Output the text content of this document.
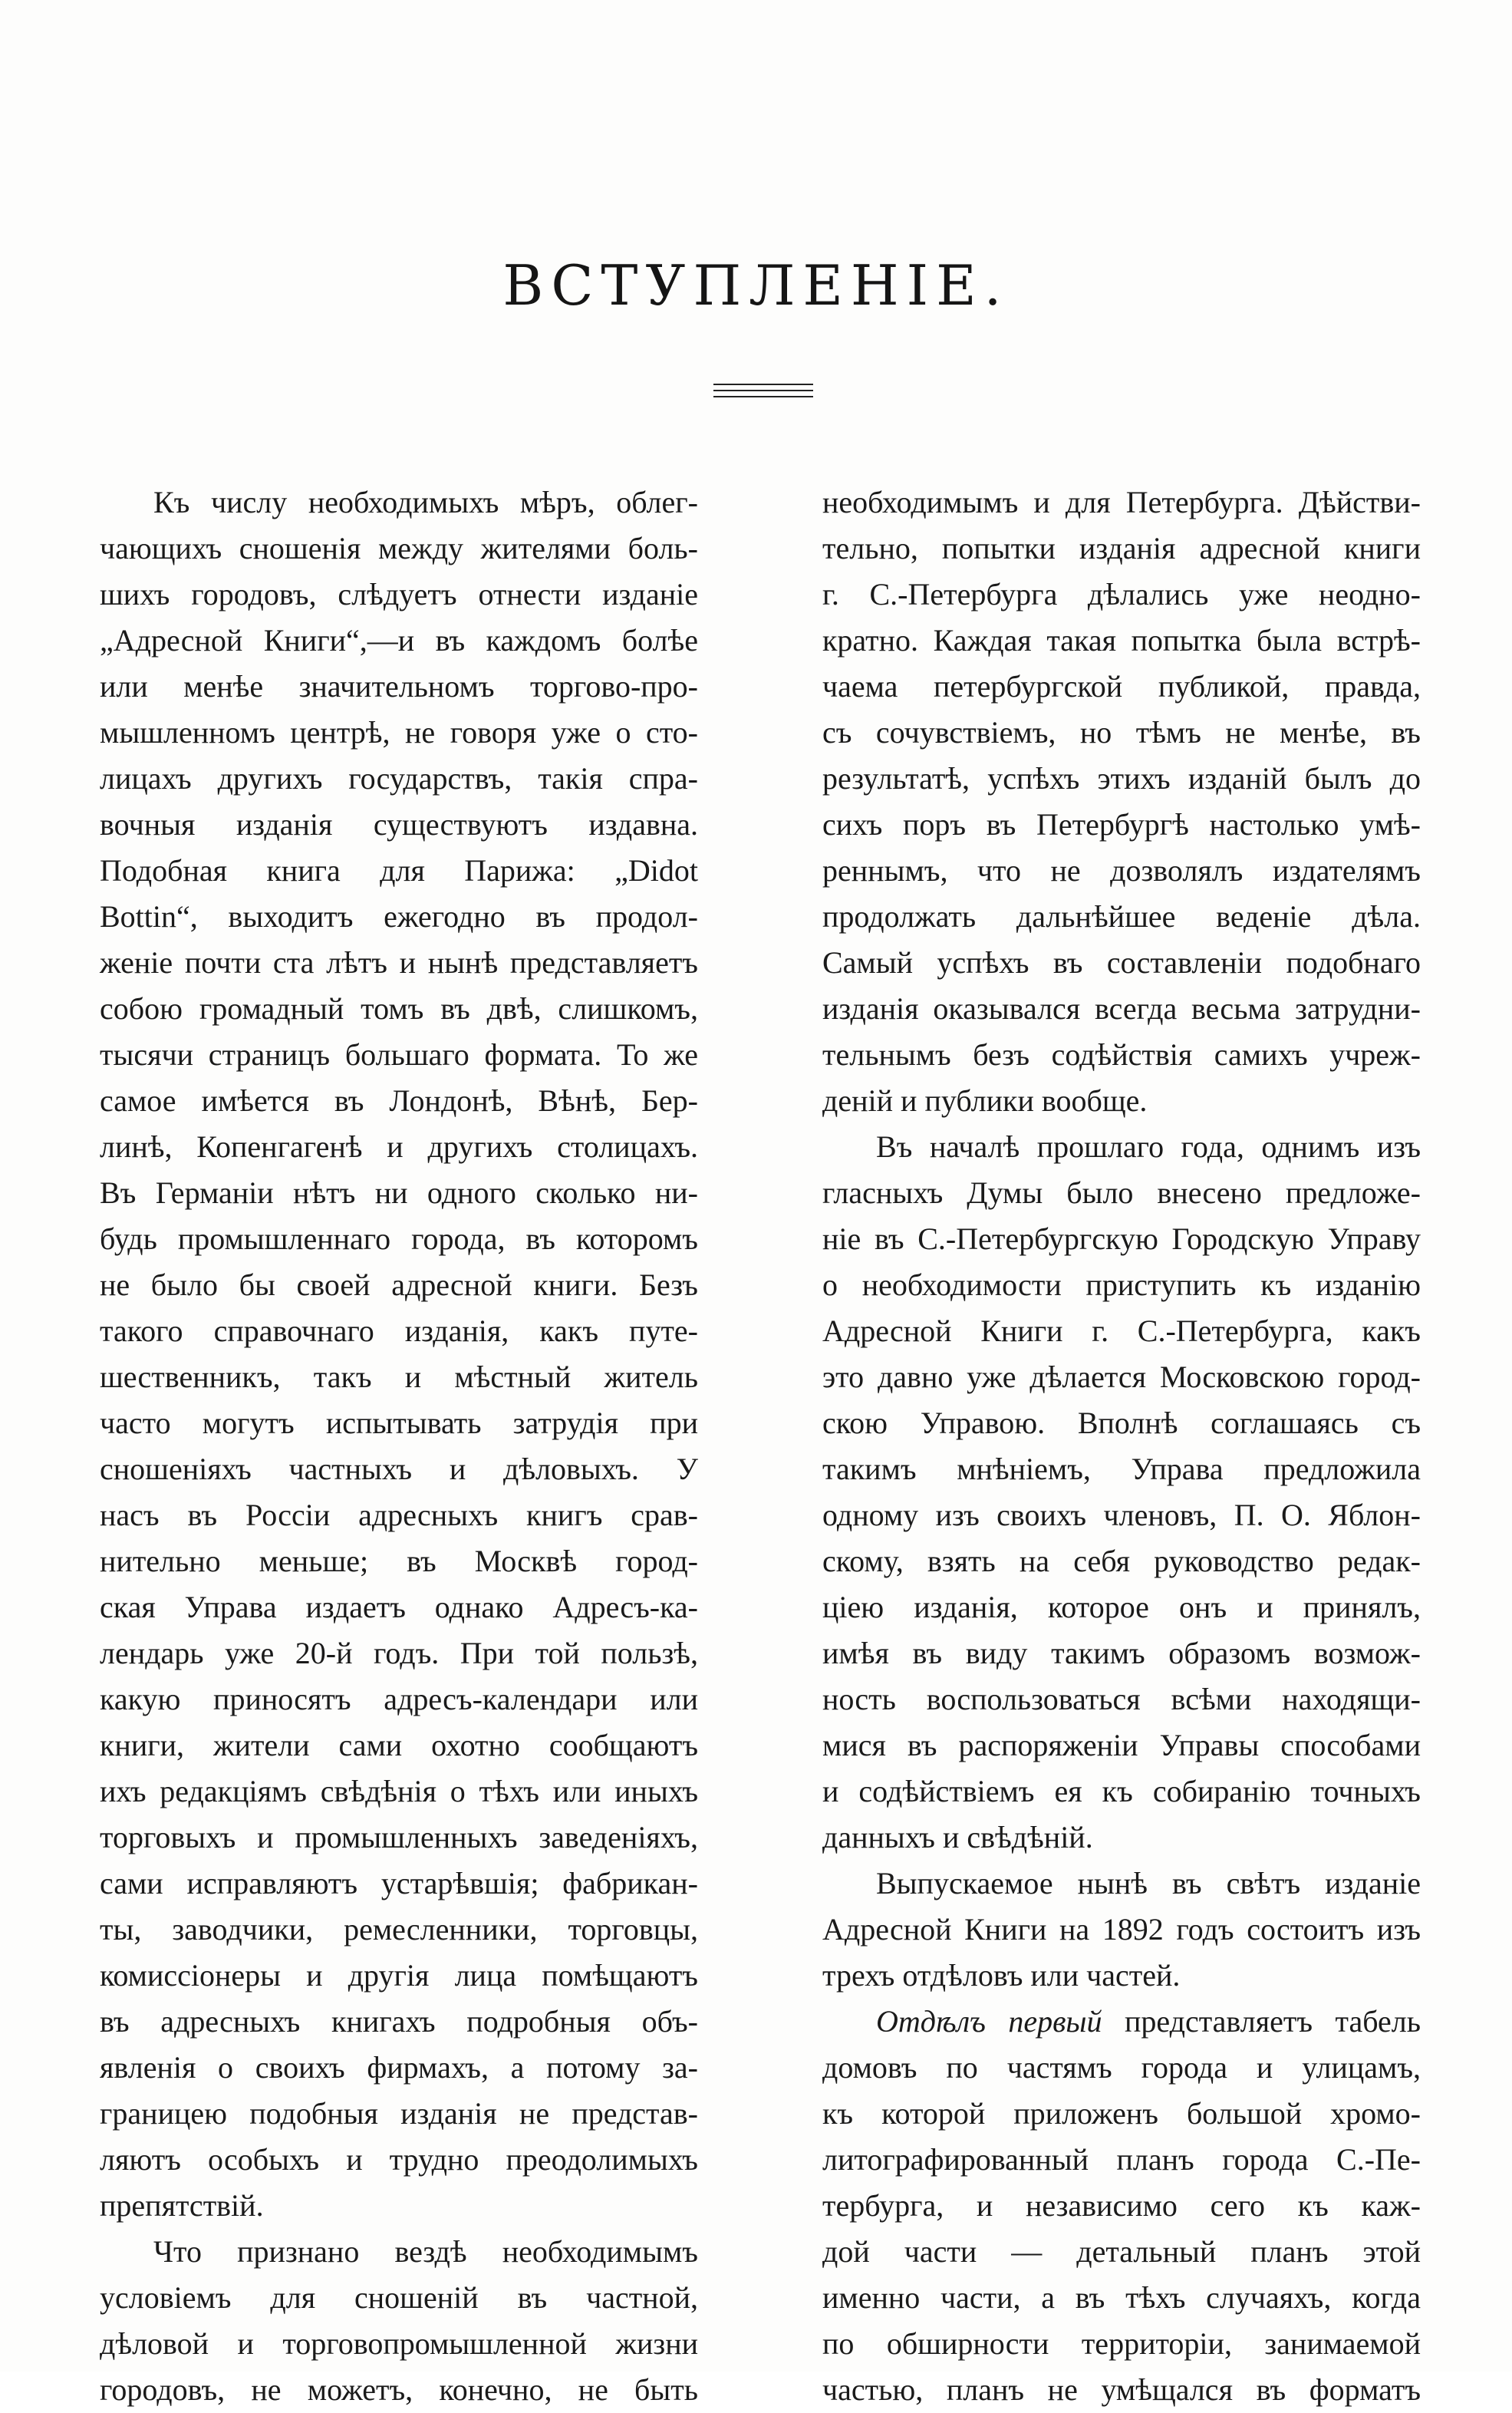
ВСТУПЛЕНIЕ.
Къ числу необходимыхъ мѣръ, облег-
чающихъ сношенія между жителями боль-
шихъ городовъ, слѣдуетъ отнести изданіе
„Адресной Книги“,—и въ каждомъ болѣе
или менѣе значительномъ торгово-про-
мышленномъ центрѣ, не говоря уже о сто-
лицахъ другихъ государствъ, такія спра-
вочныя изданія существуютъ издавна.
Подобная книга для Парижа: „Didot
Bottin“, выходитъ ежегодно въ продол-
женіе почти ста лѣтъ и нынѣ представляетъ
собою громадный томъ въ двѣ, слишкомъ,
тысячи страницъ большаго формата. То же
самое имѣется въ Лондонѣ, Вѣнѣ, Бер-
линѣ, Копенгагенѣ и другихъ столицахъ.
Въ Германіи нѣтъ ни одного сколько ни-
будь промышленнаго города, въ которомъ
не было бы своей адресной книги. Безъ
такого справочнаго изданія, какъ путе-
шественникъ, такъ и мѣстный житель
часто могутъ испытывать затрудія при
сношеніяхъ частныхъ и дѣловыхъ. У
насъ въ Россіи адресныхъ книгъ срав-
нительно меньше; въ Москвѣ город-
ская Управа издаетъ однако Адресъ-ка-
лендарь уже 20-й годъ. При той пользѣ,
какую приносятъ адресъ-календари или
книги, жители сами охотно сообщаютъ
ихъ редакціямъ свѣдѣнія о тѣхъ или иныхъ
торговыхъ и промышленныхъ заведеніяхъ,
сами исправляютъ устарѣвшія; фабрикан-
ты, заводчики, ремесленники, торговцы,
комиссіонеры и другія лица помѣщаютъ
въ адресныхъ книгахъ подробныя объ-
явленія о своихъ фирмахъ, а потому за-
границею подобныя изданія не представ-
ляютъ особыхъ и трудно преодолимыхъ
препятствій.
Что признано вездѣ необходимымъ
условіемъ для сношеній въ частной,
дѣловой и торговопромышленной жизни
городовъ, не можетъ, конечно, не быть
необходимымъ и для Петербурга. Дѣйстви-
тельно, попытки изданія адресной книги
г. С.-Петербурга дѣлались уже неодно-
кратно. Каждая такая попытка была встрѣ-
чаема петербургской публикой, правда,
съ сочувствіемъ, но тѣмъ не менѣе, въ
результатѣ, успѣхъ этихъ изданій былъ до
сихъ поръ въ Петербургѣ настолько умѣ-
реннымъ, что не дозволялъ издателямъ
продолжать дальнѣйшее веденіе дѣла.
Самый успѣхъ въ составленіи подобнаго
изданія оказывался всегда весьма затрудни-
тельнымъ безъ содѣйствія самихъ учреж-
деній и публики вообще.
Въ началѣ прошлаго года, однимъ изъ
гласныхъ Думы было внесено предложе-
ніе въ С.-Петербургскую Городскую Управу
о необходимости приступить къ изданію
Адресной Книги г. С.-Петербурга, какъ
это давно уже дѣлается Московскою город-
скою Управою. Вполнѣ соглашаясь съ
такимъ мнѣніемъ, Управа предложила
одному изъ своихъ членовъ, П. О. Яблон-
скому, взять на себя руководство редак-
ціею изданія, которое онъ и принялъ,
имѣя въ виду такимъ образомъ возмож-
ность воспользоваться всѣми находящи-
мися въ распоряженіи Управы способами
и содѣйствіемъ ея къ собиранію точныхъ
данныхъ и свѣдѣній.
Выпускаемое нынѣ въ свѣтъ изданіе
Адресной Книги на 1892 годъ состоитъ изъ
трехъ отдѣловъ или частей.
Отдѣлъ первый представляетъ табель
домовъ по частямъ города и улицамъ,
къ которой приложенъ большой хромо-
литографированный планъ города С.-Пе-
тербурга, и независимо сего къ каж-
дой части — детальный планъ этой
именно части, а въ тѣхъ случаяхъ, когда
по обширности территоріи, занимаемой
частью, планъ не умѣщался въ форматъ
